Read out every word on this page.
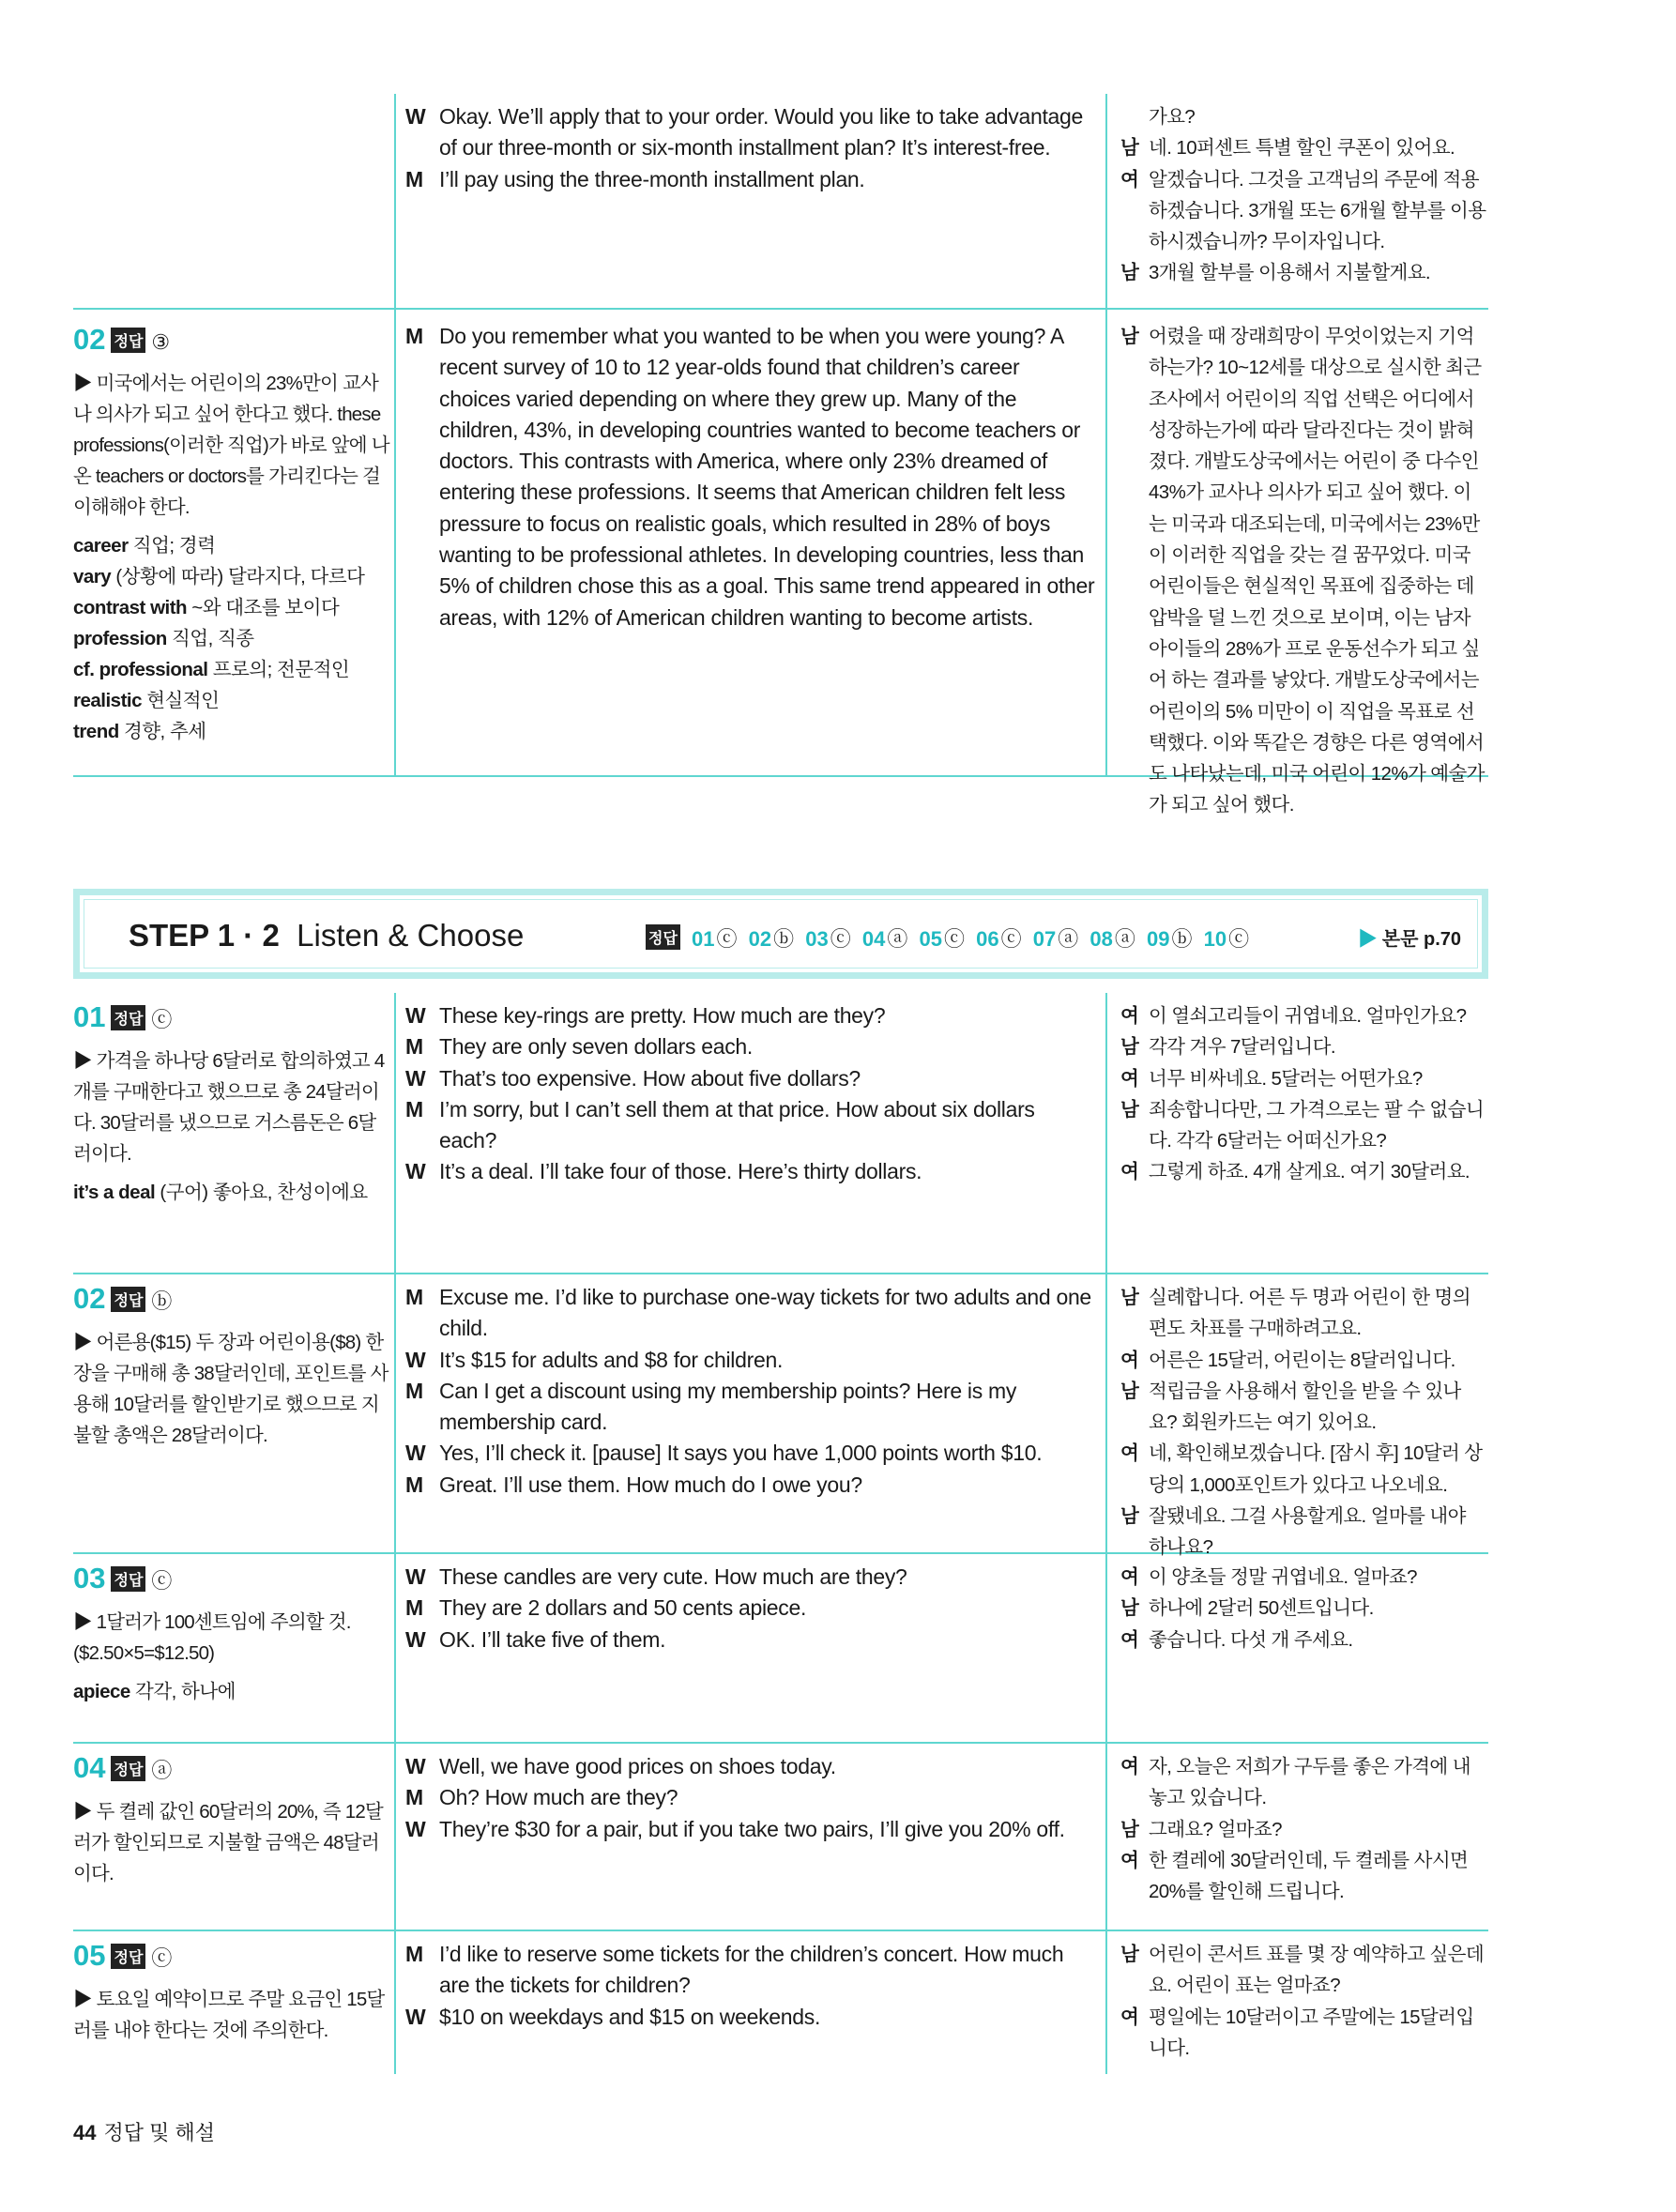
W Okay. We’ll apply that to your order. Would you like to take advantage of our three-month or six-month installment plan? It’s interest-free.
M I’ll pay using the three-month installment plan.
가요?
남 네. 10퍼센트 특별 할인 쿠폰이 있어요.
여 알겠습니다. 그것을 고객님의 주문에 적용하겠습니다. 3개월 또는 6개월 할부를 이용하시겠습니까? 무이자입니다.
남 3개월 할부를 이용해서 지불할게요.
02 정답 ③
▶ 미국에서는 어린이의 23%만이 교사나 의사가 되고 싶어 한다고 했다. these professions(이러한 직업)가 바로 앞에 나온 teachers or doctors를 가리킨다는 걸 이해해야 한다.
career 직업; 경력
vary (상황에 따라) 달라지다, 다르다
contrast with ~와 대조를 보이다
profession 직업, 직종
cf. professional 프로의; 전문적인
realistic 현실적인
trend 경향, 추세
M Do you remember what you wanted to be when you were young? A recent survey of 10 to 12 year-olds found that children’s career choices varied depending on where they grew up. Many of the children, 43%, in developing countries wanted to become teachers or doctors. This contrasts with America, where only 23% dreamed of entering these professions. It seems that American children felt less pressure to focus on realistic goals, which resulted in 28% of boys wanting to be professional athletes. In developing countries, less than 5% of children chose this as a goal. This same trend appeared in other areas, with 12% of American children wanting to become artists.
남 어렸을 때 장래희망이 무엇이었는지 기억하는가? 10~12세를 대상으로 실시한 최근 조사에서 어린이의 직업 선택은 어디에서 성장하는가에 따라 달라진다는 것이 밝혀졌다. 개발도상국에서는 어린이 중 다수인 43%가 교사나 의사가 되고 싶어 했다. 이는 미국과 대조되는데, 미국에서는 23%만이 이러한 직업을 갖는 걸 꿈꾸었다. 미국 어린이들은 현실적인 목표에 집중하는 데 압박을 덜 느낀 것으로 보이며, 이는 남자아이들의 28%가 프로 운동선수가 되고 싶어 하는 결과를 낳았다. 개발도상국에서는 어린이의 5% 미만이 이 직업을 목표로 선택했다. 이와 똑같은 경향은 다른 영역에서도 나타났는데, 미국 어린이 12%가 예술가가 되고 싶어 했다.
STEP 1 · 2 Listen & Choose	정답 01ⓒ 02ⓑ 03ⓒ 04ⓐ 05ⓒ 06ⓒ 07ⓐ 08ⓐ 09ⓑ 10ⓒ	▶ 본문 p.70
01 정답 ⓒ
▶ 가격을 하나당 6달러로 합의하였고 4개를 구매한다고 했으므로 총 24달러이다. 30달러를 냈으므로 거스름돈은 6달러이다.
it’s a deal (구어) 좋아요, 찬성이에요
W These key-rings are pretty. How much are they?
M They are only seven dollars each.
W That’s too expensive. How about five dollars?
M I’m sorry, but I can’t sell them at that price. How about six dollars each?
W It’s a deal. I’ll take four of those. Here’s thirty dollars.
여 이 열쇠고리들이 귀엽네요. 얼마인가요?
남 각각 겨우 7달러입니다.
여 너무 비싸네요. 5달러는 어떤가요?
남 죄송합니다만, 그 가격으로는 팔 수 없습니다. 각각 6달러는 어떠신가요?
여 그렇게 하죠. 4개 살게요. 여기 30달러요.
02 정답 ⓑ
▶ 어른용($15) 두 장과 어린이용($8) 한 장을 구매해 총 38달러인데, 포인트를 사용해 10달러를 할인받기로 했으므로 지불할 총액은 28달러이다.
M Excuse me. I’d like to purchase one-way tickets for two adults and one child.
W It’s $15 for adults and $8 for children.
M Can I get a discount using my membership points? Here is my membership card.
W Yes, I’ll check it. [pause] It says you have 1,000 points worth $10.
M Great. I’ll use them. How much do I owe you?
남 실례합니다. 어른 두 명과 어린이 한 명의 편도 차표를 구매하려고요.
여 어른은 15달러, 어린이는 8달러입니다.
남 적립금을 사용해서 할인을 받을 수 있나요? 회원카드는 여기 있어요.
여 네, 확인해보겠습니다. [잠시 후] 10달러 상당의 1,000포인트가 있다고 나오네요.
남 잘됐네요. 그걸 사용할게요. 얼마를 내야 하나요?
03 정답 ⓒ
▶ 1달러가 100센트임에 주의할 것. ($2.50×5=$12.50)
apiece 각각, 하나에
W These candles are very cute. How much are they?
M They are 2 dollars and 50 cents apiece.
W OK. I’ll take five of them.
여 이 양초들 정말 귀엽네요. 얼마죠?
남 하나에 2달러 50센트입니다.
여 좋습니다. 다섯 개 주세요.
04 정답 ⓐ
▶ 두 켤레 값인 60달러의 20%, 즉 12달러가 할인되므로 지불할 금액은 48달러이다.
W Well, we have good prices on shoes today.
M Oh? How much are they?
W They’re $30 for a pair, but if you take two pairs, I’ll give you 20% off.
여 자, 오늘은 저희가 구두를 좋은 가격에 내놓고 있습니다.
남 그래요? 얼마죠?
여 한 켤레에 30달러인데, 두 켤레를 사시면 20%를 할인해 드립니다.
05 정답 ⓒ
▶ 토요일 예약이므로 주말 요금인 15달러를 내야 한다는 것에 주의한다.
M I’d like to reserve some tickets for the children’s concert. How much are the tickets for children?
W $10 on weekdays and $15 on weekends.
남 어린이 콘서트 표를 몇 장 예약하고 싶은데요. 어린이 표는 얼마죠?
여 평일에는 10달러이고 주말에는 15달러입니다.
44 정답 및 해설
